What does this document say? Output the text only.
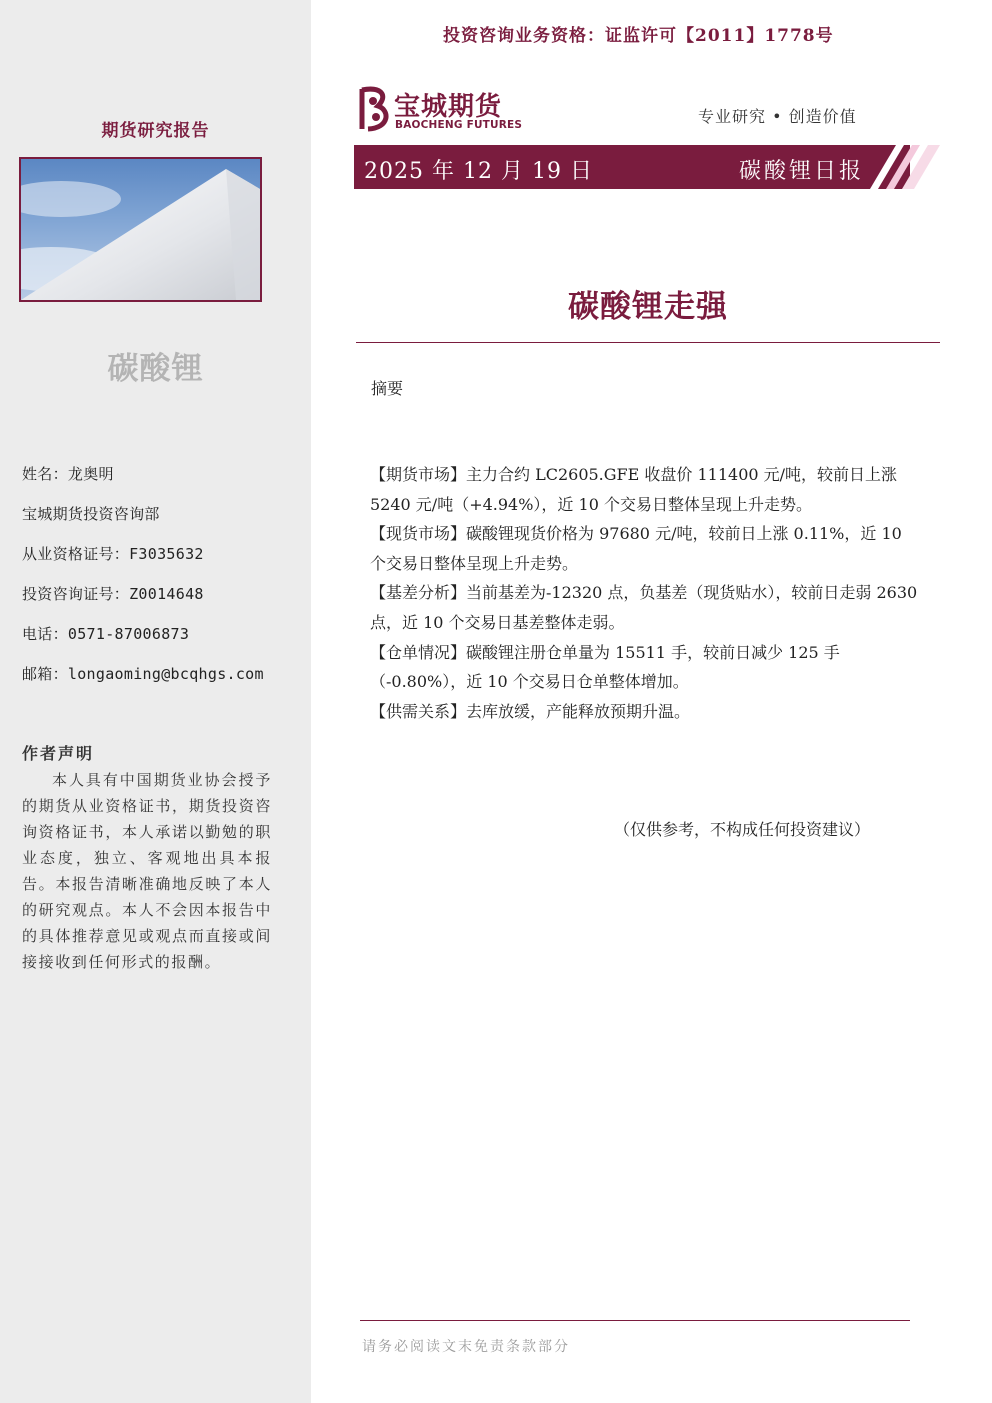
期货研究报告
碳酸锂
姓名：龙奥明
宝城期货投资咨询部
从业资格证号：F3035632
投资咨询证号：Z0014648
电话：0571-87006873
邮箱：longaoming@bcqhgs.com
作者声明
本人具有中国期货业协会授予的期货从业资格证书，期货投资咨询资格证书，本人承诺以勤勉的职业态度，独立、客观地出具本报告。本报告清晰准确地反映了本人的研究观点。本人不会因本报告中的具体推荐意见或观点而直接或间接接收到任何形式的报酬。
投资咨询业务资格：证监许可【2011】1778号
宝城期货
BAOCHENG FUTURES	专业研究 • 创造价值
2025 年 12 月 19 日	碳酸锂日报
碳酸锂走强
摘要

【期货市场】主力合约 LC2605.GFE 收盘价 111400 元/吨，较前日上涨 5240 元/吨（+4.94%），近 10 个交易日整体呈现上升走势。

【现货市场】碳酸锂现货价格为 97680 元/吨，较前日上涨 0.11%，近 10 个交易日整体呈现上升走势。

【基差分析】当前基差为-12320 点，负基差（现货贴水），较前日走弱 2630 点，近 10 个交易日基差整体走弱。

【仓单情况】碳酸锂注册仓单量为 15511 手，较前日减少 125 手（-0.80%），近 10 个交易日仓单整体增加。

【供需关系】去库放缓，产能释放预期升温。

（仅供参考，不构成任何投资建议）
请务必阅读文末免责条款部分
